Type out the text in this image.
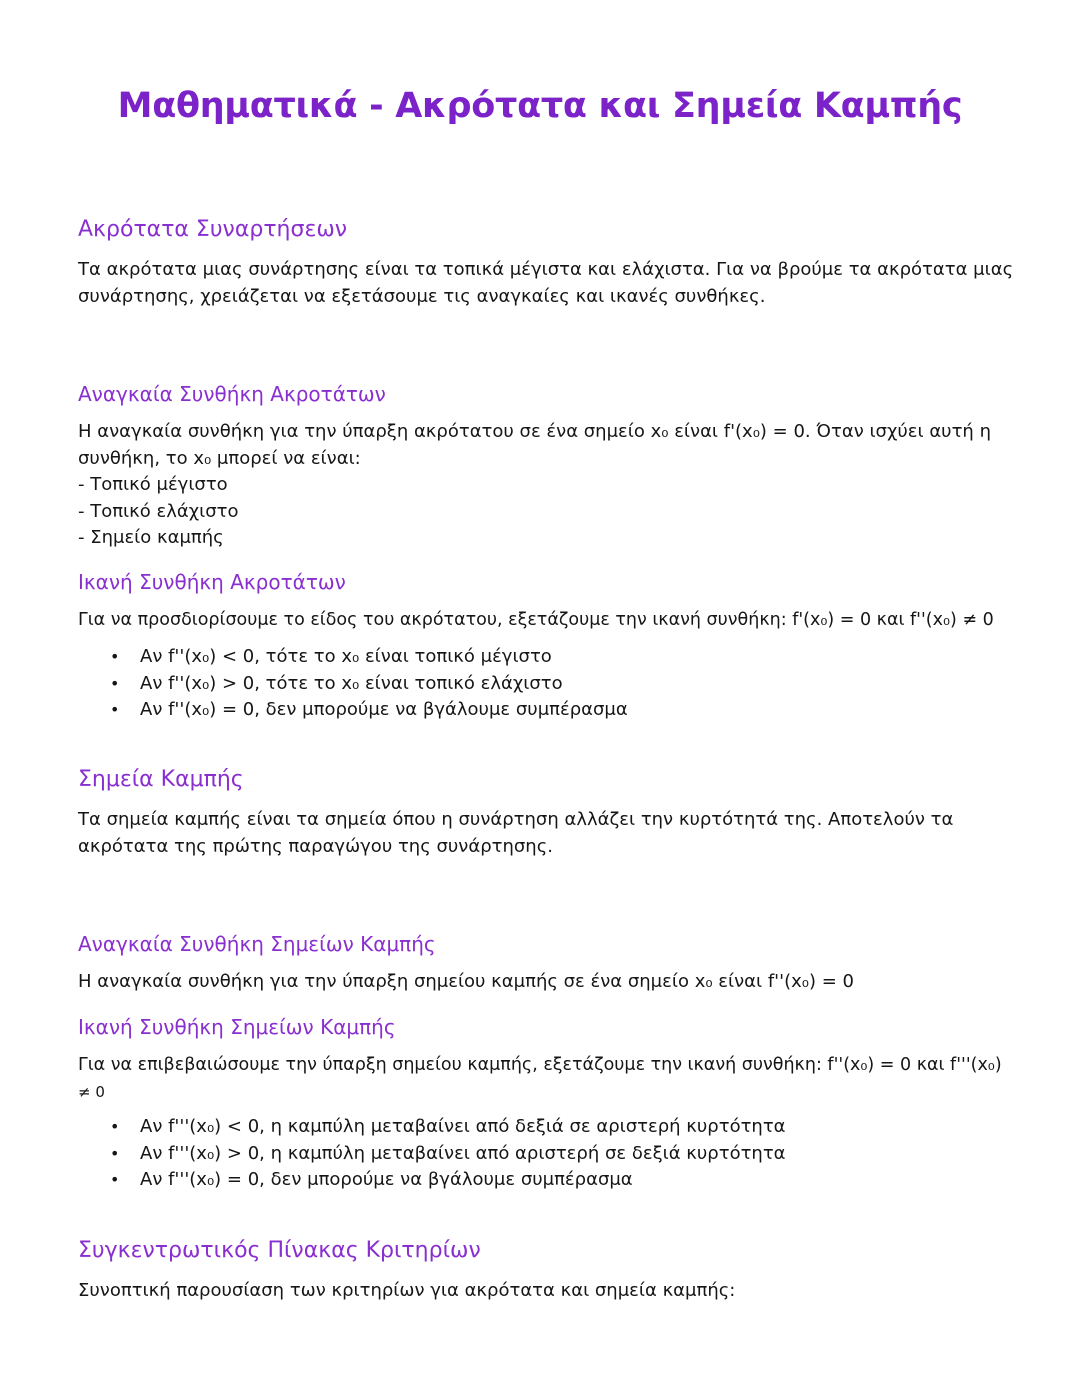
Μαθηματικά - Ακρότατα και Σημεία Καμπής
Ακρότατα Συναρτήσεων
Τα ακρότατα μιας συνάρτησης είναι τα τοπικά μέγιστα και ελάχιστα. Για να βρούμε τα ακρότατα μιας
συνάρτησης, χρειάζεται να εξετάσουμε τις αναγκαίες και ικανές συνθήκες.
Αναγκαία Συνθήκη Ακροτάτων
Η αναγκαία συνθήκη για την ύπαρξη ακρότατου σε ένα σημείο x₀ είναι f'(x₀) = 0. Όταν ισχύει αυτή η
συνθήκη, το x₀ μπορεί να είναι:
- Τοπικό μέγιστο
- Τοπικό ελάχιστο
- Σημείο καμπής
Ικανή Συνθήκη Ακροτάτων
Για να προσδιορίσουμε το είδος του ακρότατου, εξετάζουμε την ικανή συνθήκη: f'(x₀) = 0 και f''(x₀) ≠ 0
• Αν f''(x₀) < 0, τότε το x₀ είναι τοπικό μέγιστο
• Αν f''(x₀) > 0, τότε το x₀ είναι τοπικό ελάχιστο
• Αν f''(x₀) = 0, δεν μπορούμε να βγάλουμε συμπέρασμα
Σημεία Καμπής
Τα σημεία καμπής είναι τα σημεία όπου η συνάρτηση αλλάζει την κυρτότητά της. Αποτελούν τα
ακρότατα της πρώτης παραγώγου της συνάρτησης.
Αναγκαία Συνθήκη Σημείων Καμπής
Η αναγκαία συνθήκη για την ύπαρξη σημείου καμπής σε ένα σημείο x₀ είναι f''(x₀) = 0
Ικανή Συνθήκη Σημείων Καμπής
Για να επιβεβαιώσουμε την ύπαρξη σημείου καμπής, εξετάζουμε την ικανή συνθήκη: f''(x₀) = 0 και f'''(x₀)
≠ 0
• Αν f'''(x₀) < 0, η καμπύλη μεταβαίνει από δεξιά σε αριστερή κυρτότητα
• Αν f'''(x₀) > 0, η καμπύλη μεταβαίνει από αριστερή σε δεξιά κυρτότητα
• Αν f'''(x₀) = 0, δεν μπορούμε να βγάλουμε συμπέρασμα
Συγκεντρωτικός Πίνακας Κριτηρίων
Συνοπτική παρουσίαση των κριτηρίων για ακρότατα και σημεία καμπής:
